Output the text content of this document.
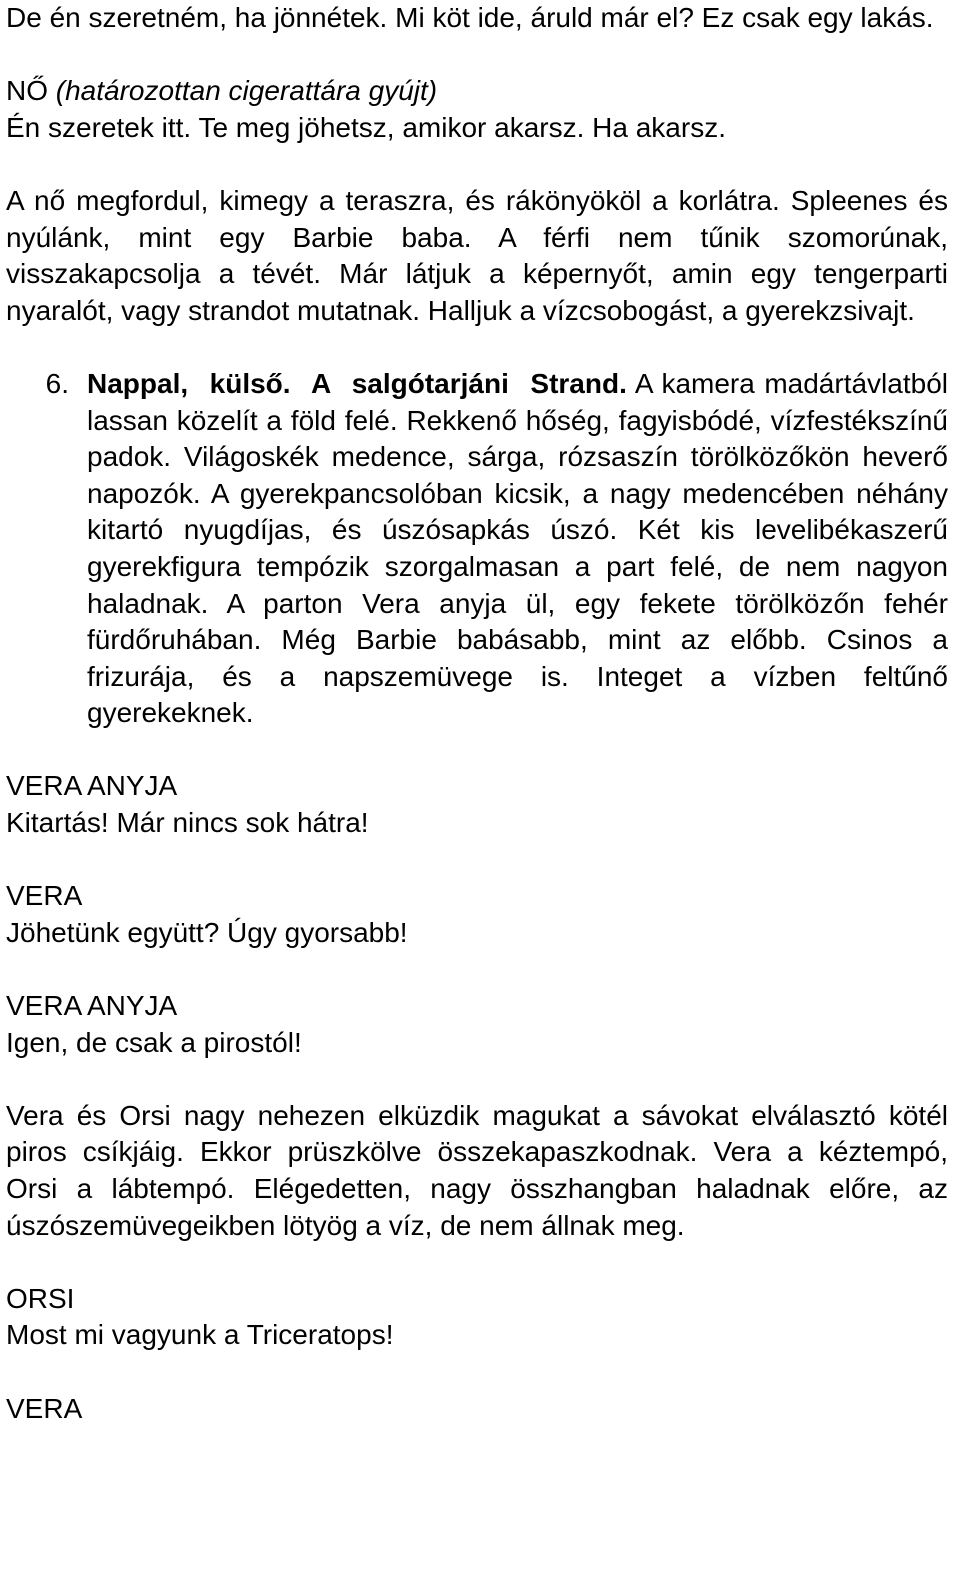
De én szeretném, ha jönnétek. Mi köt ide, áruld már el? Ez csak egy lakás.

NŐ (határozottan cigerattára gyújt)

Én szeretek itt. Te meg jöhetsz, amikor akarsz. Ha akarsz.

A nő megfordul, kimegy a teraszra, és rákönyököl a korlátra. Spleenes és nyúlánk, mint egy Barbie baba. A férfi nem tűnik szomorúnak, visszakapcsolja a tévét. Már látjuk a képernyőt, amin egy tengerparti nyaralót, vagy strandot mutatnak. Halljuk a vízcsobogást, a gyerekzsivajt.

6. Nappal, külső. A salgótarjáni Strand. A kamera madártávlatból lassan közelít a föld felé. Rekkenő hőség, fagyisbódé, vízfestékszínű padok. Világoskék medence, sárga, rózsaszín törölközőkön heverő napozók. A gyerekpancsolóban kicsik, a nagy medencében néhány kitartó nyugdíjas, és úszósapkás úszó. Két kis levelibékaszerű gyerekfigura tempózik szorgalmasan a part felé, de nem nagyon haladnak. A parton Vera anyja ül, egy fekete törölközőn fehér fürdőruhában. Még Barbie babásabb, mint az előbb. Csinos a frizurája, és a napszemüvege is. Integet a vízben feltűnő gyerekeknek.

VERA ANYJA

Kitartás! Már nincs sok hátra!

VERA

Jöhetünk együtt? Úgy gyorsabb!

VERA ANYJA

Igen, de csak a pirostól!

Vera és Orsi nagy nehezen elküzdik magukat a sávokat elválasztó kötél piros csíkjáig. Ekkor prüszkölve összekapaszkodnak. Vera a kéztempó, Orsi a lábtempó. Elégedetten, nagy összhangban haladnak előre, az úszószemüvegeikben lötyög a víz, de nem állnak meg.

ORSI

Most mi vagyunk a Triceratops!

VERA
